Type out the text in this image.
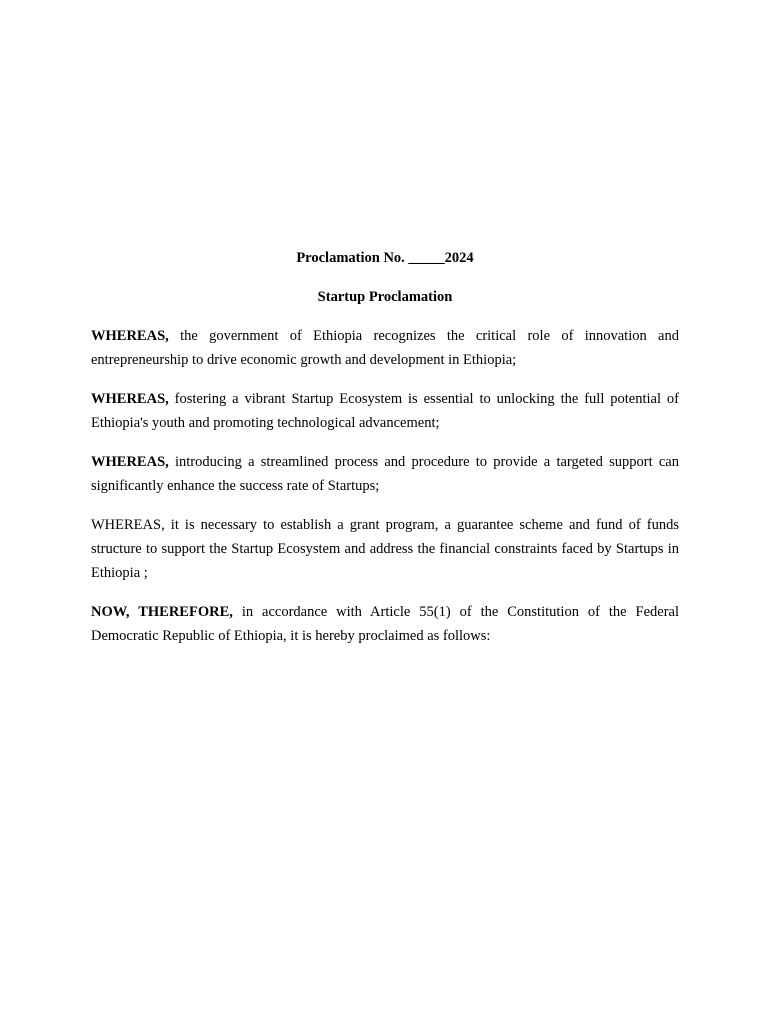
Proclamation No. _____2024

Startup Proclamation

WHEREAS, the government of Ethiopia recognizes the critical role of innovation and entrepreneurship to drive economic growth and development in Ethiopia;

WHEREAS, fostering a vibrant Startup Ecosystem is essential to unlocking the full potential of Ethiopia's youth and promoting technological advancement;

WHEREAS, introducing a streamlined process and procedure to provide a targeted support can significantly enhance the success rate of Startups;

WHEREAS, it is necessary to establish a grant program, a guarantee scheme and fund of funds structure to support the Startup Ecosystem and address the financial constraints faced by Startups in Ethiopia ;

NOW, THEREFORE, in accordance with Article 55(1) of the Constitution of the Federal Democratic Republic of Ethiopia, it is hereby proclaimed as follows:
